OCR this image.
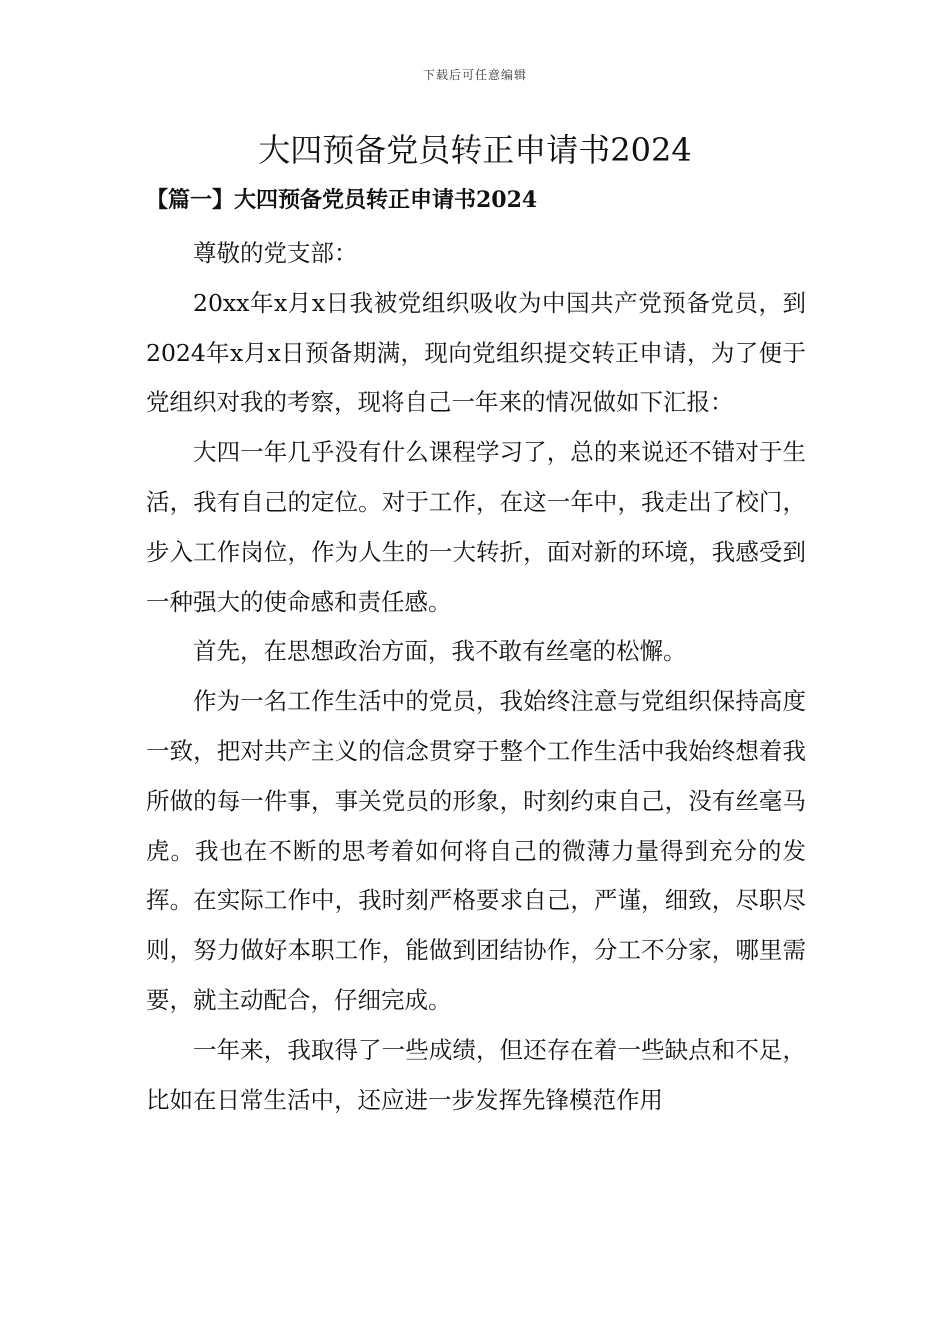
下载后可任意编辑
大四预备党员转正申请书2024
【篇一】大四预备党员转正申请书2024

尊敬的党支部：

20xx年x月x日我被党组织吸收为中国共产党预备党员，到2024年x月x日预备期满，现向党组织提交转正申请，为了便于党组织对我的考察，现将自己一年来的情况做如下汇报：

大四一年几乎没有什么课程学习了，总的来说还不错对于生活，我有自己的定位。对于工作，在这一年中，我走出了校门，步入工作岗位，作为人生的一大转折，面对新的环境，我感受到一种强大的使命感和责任感。

首先，在思想政治方面，我不敢有丝毫的松懈。

作为一名工作生活中的党员，我始终注意与党组织保持高度一致，把对共产主义的信念贯穿于整个工作生活中我始终想着我所做的每一件事，事关党员的形象，时刻约束自己，没有丝毫马虎。我也在不断的思考着如何将自己的微薄力量得到充分的发挥。在实际工作中，我时刻严格要求自己，严谨，细致，尽职尽则，努力做好本职工作，能做到团结协作，分工不分家，哪里需要，就主动配合，仔细完成。

一年来，我取得了一些成绩，但还存在着一些缺点和不足，比如在日常生活中，还应进一步发挥先锋模范作用
